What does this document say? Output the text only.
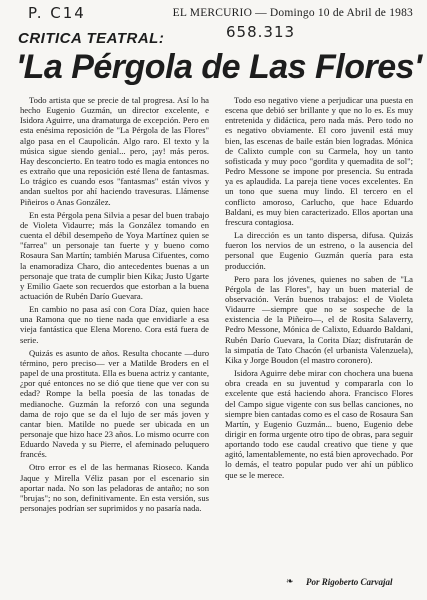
P. C14
658.313
EL MERCURIO — Domingo 10 de Abril de 1983
CRITICA TEATRAL:
'La Pérgola de Las Flores'

Todo artista que se precie de tal progresa. Así lo ha hecho Eugenio Guzmán, un director excelente, e Isidora Aguirre, una dramaturga de excepción. Pero en esta enésima reposición de "La Pérgola de las Flores" algo pasa en el Caupolicán. Algo raro. El texto y la música sigue siendo genial... pero, ¡ay! más peros. Hay desconcierto. En teatro todo es magia entonces no es extraño que una reposición esté llena de fantasmas. Lo trágico es cuando esos "fantasmas" están vivos y andan sueltos por ahí haciendo travesuras. Llámense Piñeiros o Anas González.

En esta Pérgola pena Silvia a pesar del buen trabajo de Violeta Vidaurre; más la González tomando en cuenta el débil desempeño de Yoya Martínez quien se "farrea" un personaje tan fuerte y y bueno como Rosaura San Martín; también Marusa Cifuentes, como la enamoradiza Charo, dio antecedentes buenas a un personaje que trata de cumplir bien Kika; Justo Ugarte y Emilio Gaete son recuerdos que estorban a la buena actuación de Rubén Darío Guevara.

En cambio no pasa así con Cora Díaz, quien hace una Ramona que no tiene nada que envidiarle a esa vieja fantástica que Elena Moreno. Cora está fuera de serie.

Quizás es asunto de años. Resulta chocante —duro término, pero preciso— ver a Matilde Broders en el papel de una prostituta. Ella es buena actriz y cantante, ¿por qué entonces no se dió que tiene que ver con su edad? Rompe la bella poesía de las tonadas de medianoche. Guzmán la reforzó con una segunda dama de rojo que se da el lujo de ser más joven y cantar bien. Matilde no puede ser ubicada en un personaje que hizo hace 23 años. Lo mismo ocurre con Eduardo Naveda y su Pierre, el afeminado peluquero francés.

Otro error es el de las hermanas Rioseco. Kanda Jaque y Mirella Véliz pasan por el escenario sin aportar nada. No son las peladoras de antaño; no son "brujas"; no son, definitivamente. En esta versión, sus personajes podrían ser suprimidos y no pasaría nada.

Todo eso negativo viene a perjudicar una puesta en escena que debió ser brillante y que no lo es. Es muy entretenida y didáctica, pero nada más. Pero todo no es negativo obviamente. El coro juvenil está muy bien, las escenas de baile están bien logradas. Mónica de Calixto cumple con su Carmela, hoy un tanto sofisticada y muy poco "gordita y quemadita de sol"; Pedro Messone se impone por presencia. Su entrada ya es aplaudida. La pareja tiene voces excelentes. En un tono que suena muy lindo. El tercero en el conflicto amoroso, Carlucho, que hace Eduardo Baldani, es muy bien caracterizado. Ellos aportan una frescura contagiosa.

La dirección es un tanto dispersa, difusa. Quizás fueron los nervios de un estreno, o la ausencia del personal que Eugenio Guzmán quería para esta producción.

Pero para los jóvenes, quienes no saben de "La Pérgola de las Flores", hay un buen material de observación. Verán buenos trabajos: el de Violeta Vidaurre —siempre que no se sospeche de la existencia de la Piñeiro—, el de Rosita Salaverry, Pedro Messone, Mónica de Calixto, Eduardo Baldani, Rubén Darío Guevara, la Corita Díaz; disfrutarán de la simpatía de Tato Chacón (el urbanista Valenzuela), Kika y Jorge Boudon (el mastro coronero).

Isidora Aguirre debe mirar con chochera una buena obra creada en su juventud y compararla con lo excelente que está haciendo ahora. Francisco Flores del Campo sigue vigente con sus bellas canciones, no siempre bien cantadas como es el caso de Rosaura San Martín, y Eugenio Guzmán... bueno, Eugenio debe dirigir en forma urgente otro tipo de obras, para seguir aportando todo ese caudal creativo que tiene y que agitó, lamentablemente, no está bien aprovechado. Por lo demás, el teatro popular pudo ver ahí un público que se le merece.

❧ Por Rigoberto Carvajal
